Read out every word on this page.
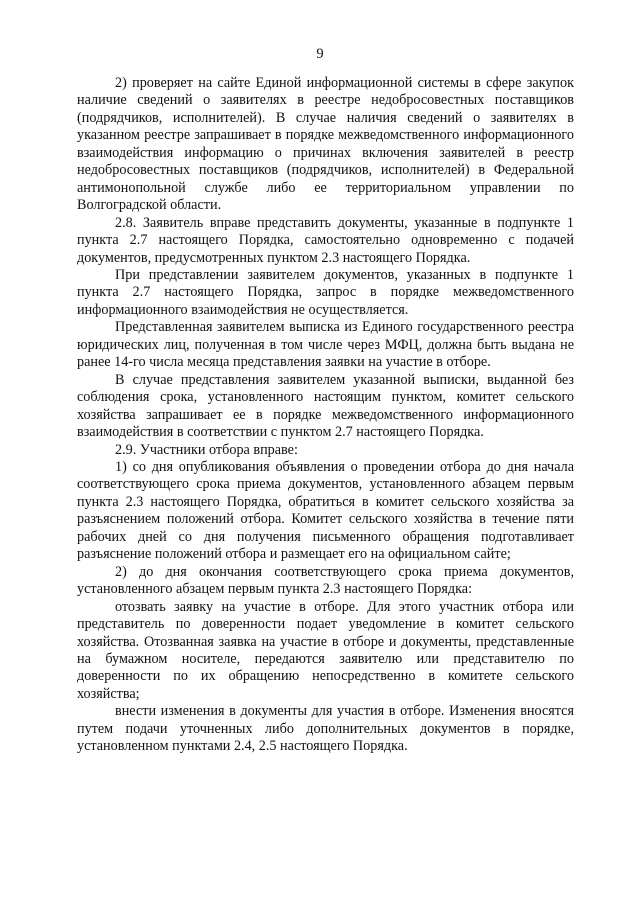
9

2) проверяет на сайте Единой информационной системы в сфере закупок наличие сведений о заявителях в реестре недобросовестных поставщиков (подрядчиков, исполнителей). В случае наличия сведений о заявителях в указанном реестре запрашивает в порядке межведомственного информационного взаимодействия информацию о причинах включения заявителей в реестр недобросовестных поставщиков (подрядчиков, исполнителей) в Федеральной антимонопольной службе либо ее территориальном управлении по Волгоградской области.

2.8. Заявитель вправе представить документы, указанные в подпункте 1 пункта 2.7 настоящего Порядка, самостоятельно одновременно с подачей документов, предусмотренных пунктом 2.3 настоящего Порядка.

При представлении заявителем документов, указанных в подпункте 1 пункта 2.7 настоящего Порядка, запрос в порядке межведомственного информационного взаимодействия не осуществляется.

Представленная заявителем выписка из Единого государственного реестра юридических лиц, полученная в том числе через МФЦ, должна быть выдана не ранее 14-го числа месяца представления заявки на участие в отборе.

В случае представления заявителем указанной выписки, выданной без соблюдения срока, установленного настоящим пунктом, комитет сельского хозяйства запрашивает ее в порядке межведомственного информационного взаимодействия в соответствии с пунктом 2.7 настоящего Порядка.

2.9. Участники отбора вправе:

1) со дня опубликования объявления о проведении отбора до дня начала соответствующего срока приема документов, установленного абзацем первым пункта 2.3 настоящего Порядка, обратиться в комитет сельского хозяйства за разъяснением положений отбора. Комитет сельского хозяйства в течение пяти рабочих дней со дня получения письменного обращения подготавливает разъяснение положений отбора и размещает его на официальном сайте;

2) до дня окончания соответствующего срока приема документов, установленного абзацем первым пункта 2.3 настоящего Порядка:

отозвать заявку на участие в отборе. Для этого участник отбора или представитель по доверенности подает уведомление в комитет сельского хозяйства. Отозванная заявка на участие в отборе и документы, представленные на бумажном носителе, передаются заявителю или представителю по доверенности по их обращению непосредственно в комитете сельского хозяйства;

внести изменения в документы для участия в отборе. Изменения вносятся путем подачи уточненных либо дополнительных документов в порядке, установленном пунктами 2.4, 2.5 настоящего Порядка.
